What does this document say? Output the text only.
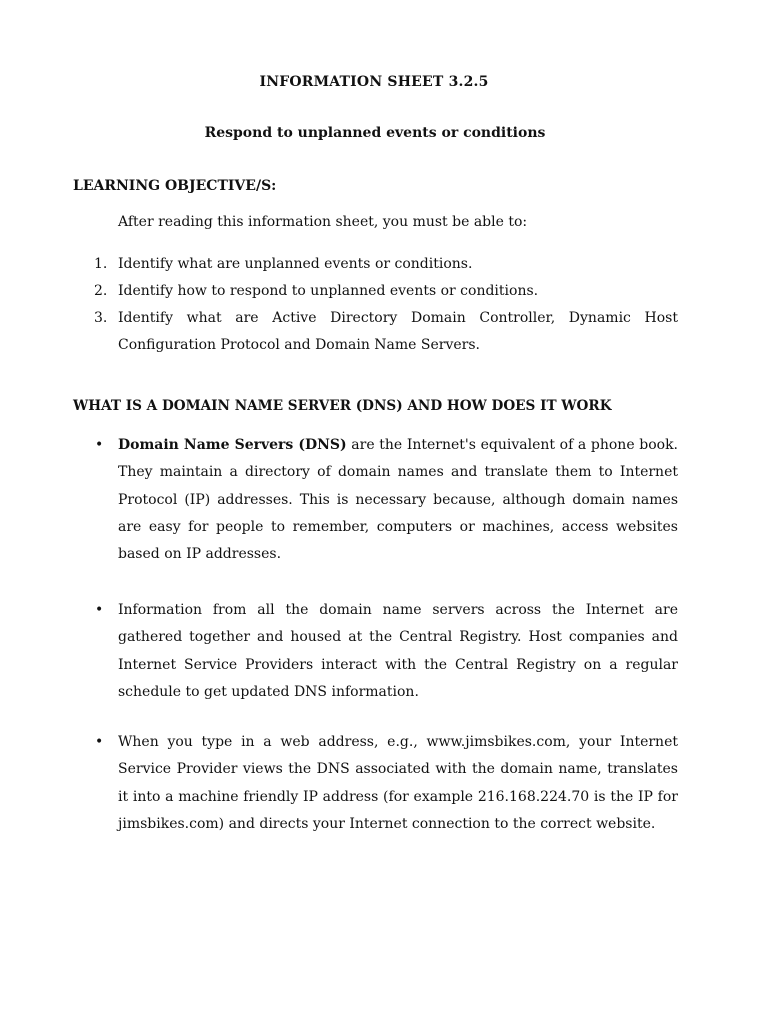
INFORMATION SHEET 3.2.5
Respond to unplanned events or conditions
LEARNING OBJECTIVE/S:
After reading this information sheet, you must be able to:
1. Identify what are unplanned events or conditions.
2. Identify how to respond to unplanned events or conditions.
3. Identify what are Active Directory Domain Controller, Dynamic Host Configuration Protocol and Domain Name Servers.
WHAT IS A DOMAIN NAME SERVER (DNS) AND HOW DOES IT WORK
• Domain Name Servers (DNS) are the Internet's equivalent of a phone book. They maintain a directory of domain names and translate them to Internet Protocol (IP) addresses. This is necessary because, although domain names are easy for people to remember, computers or machines, access websites based on IP addresses.
• Information from all the domain name servers across the Internet are gathered together and housed at the Central Registry. Host companies and Internet Service Providers interact with the Central Registry on a regular schedule to get updated DNS information.
• When you type in a web address, e.g., www.jimsbikes.com, your Internet Service Provider views the DNS associated with the domain name, translates it into a machine friendly IP address (for example 216.168.224.70 is the IP for jimsbikes.com) and directs your Internet connection to the correct website.
